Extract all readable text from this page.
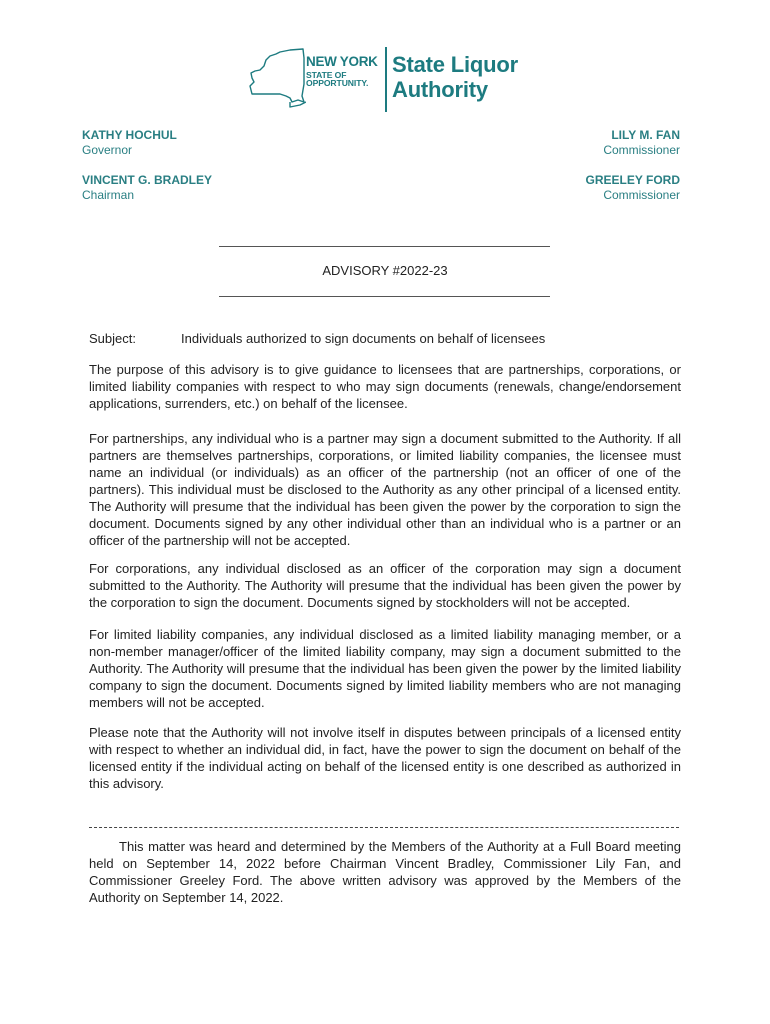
NEW YORK
STATE OF
OPPORTUNITY.
State Liquor
Authority
KATHY HOCHUL
Governor
VINCENT G. BRADLEY
Chairman
LILY M. FAN
Commissioner
GREELEY FORD
Commissioner
ADVISORY #2022-23
Subject:	Individuals authorized to sign documents on behalf of licensees
The purpose of this advisory is to give guidance to licensees that are partnerships, corporations, or limited liability companies with respect to who may sign documents (renewals, change/endorsement applications, surrenders, etc.) on behalf of the licensee.
For partnerships, any individual who is a partner may sign a document submitted to the Authority. If all partners are themselves partnerships, corporations, or limited liability companies, the licensee must name an individual (or individuals) as an officer of the partnership (not an officer of one of the partners). This individual must be disclosed to the Authority as any other principal of a licensed entity. The Authority will presume that the individual has been given the power by the corporation to sign the document. Documents signed by any other individual other than an individual who is a partner or an officer of the partnership will not be accepted.
For corporations, any individual disclosed as an officer of the corporation may sign a document submitted to the Authority. The Authority will presume that the individual has been given the power by the corporation to sign the document. Documents signed by stockholders will not be accepted.
For limited liability companies, any individual disclosed as a limited liability managing member, or a non-member manager/officer of the limited liability company, may sign a document submitted to the Authority. The Authority will presume that the individual has been given the power by the limited liability company to sign the document. Documents signed by limited liability members who are not managing members will not be accepted.
Please note that the Authority will not involve itself in disputes between principals of a licensed entity with respect to whether an individual did, in fact, have the power to sign the document on behalf of the licensed entity if the individual acting on behalf of the licensed entity is one described as authorized in this advisory.
This matter was heard and determined by the Members of the Authority at a Full Board meeting held on September 14, 2022 before Chairman Vincent Bradley, Commissioner Lily Fan, and Commissioner Greeley Ford. The above written advisory was approved by the Members of the Authority on September 14, 2022.
